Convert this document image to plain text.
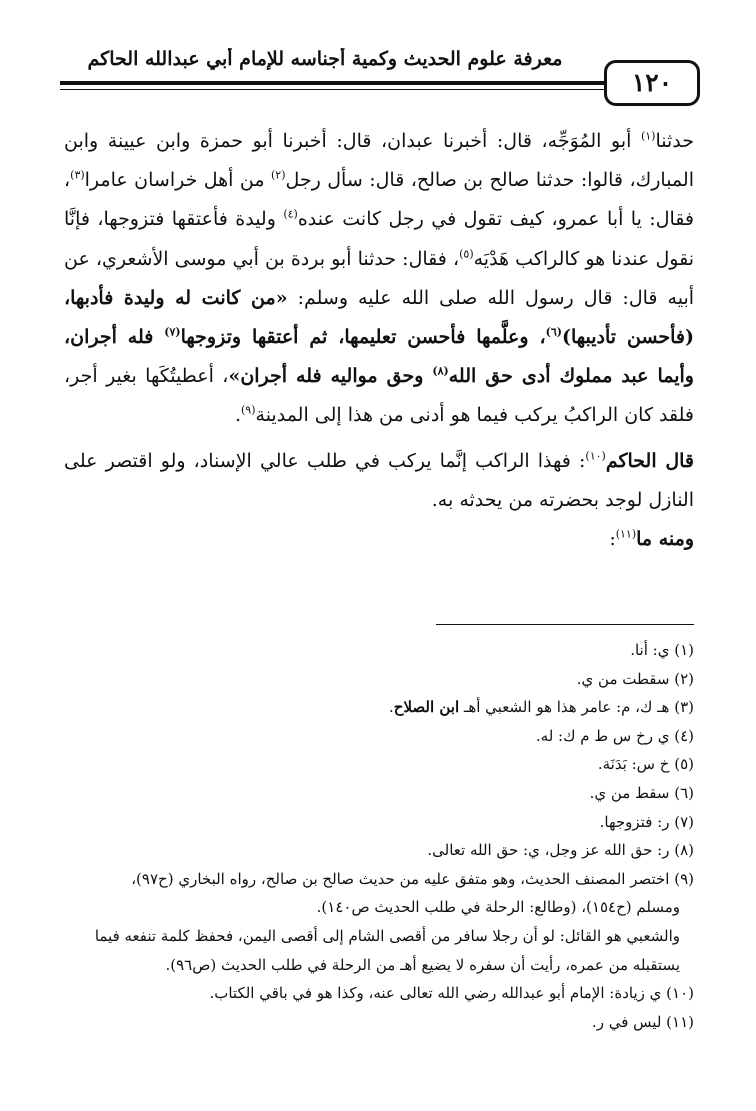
معرفة علوم الحديث وكمية أجناسه للإمام أبي عبدالله الحاكم
١٢٠

حدثنا$^{(١)}$ أبو المُوَجِّه، قال: أخبرنا عبدان، قال: أخبرنا أبو حمزة وابن عيينة وابن المبارك، قالوا: حدثنا صالح بن صالح، قال: سأل رجل$^{(٢)}$ من أهل خراسان عامرا$^{(٣)}$، فقال: يا أبا عمرو، كيف تقول في رجل كانت عنده$^{(٤)}$ وليدة فأعتقها فتزوجها، فإنَّا نقول عندنا هو كالراكب هَدْيَه$^{(٥)}$، فقال: حدثنا أبو بردة بن أبي موسى الأشعري، عن أبيه قال: قال رسول الله صلى الله عليه وسلم: «من كانت له وليدة فأدبها، (فأحسن تأديبها)$^{(٦)}$، وعلَّمها فأحسن تعليمها، ثم أعتقها وتزوجها$^{(٧)}$ فله أجران، وأيما عبد مملوك أدى حق الله$^{(٨)}$ وحق مواليه فله أجران»، أعطيتُكَها بغير أجر، فلقد كان الراكبُ يركب فيما هو أدنى من هذا إلى المدينة$^{(٩)}$.

قال الحاكم$^{(١٠)}$: فهذا الراكب إنَّما يركب في طلب عالي الإسناد، ولو اقتصر على النازل لوجد بحضرته من يحدثه به.

ومنه ما$^{(١١)}$:

(١) ي: أنا.

(٢) سقطت من ي.

(٣) هـ ك، م: عامر هذا هو الشعبي أهـ ابن الصلاح.

(٤) ي رخ س ط م ك: له.

(٥) خ س: بَدَنَة.

(٦) سقط من ي.

(٧) ر: فتزوجها.

(٨) ر: حق الله عز وجل، ي: حق الله تعالى.

(٩) اختصر المصنف الحديث، وهو متفق عليه من حديث صالح بن صالح، رواه البخاري (ح٩٧)،
ومسلم (ح١٥٤)، (وطالع: الرحلة في طلب الحديث ص١٤٠).
والشعبي هو القائل: لو أن رجلا سافر من أقصى الشام إلى أقصى اليمن، فحفظ كلمة تنفعه فيما يستقبله من عمره، رأيت أن سفره لا يضيع أهـ من الرحلة في طلب الحديث (ص٩٦).

(١٠) ي زيادة: الإمام أبو عبدالله رضي الله تعالى عنه، وكذا هو في باقي الكتاب.

(١١) ليس في ر.
